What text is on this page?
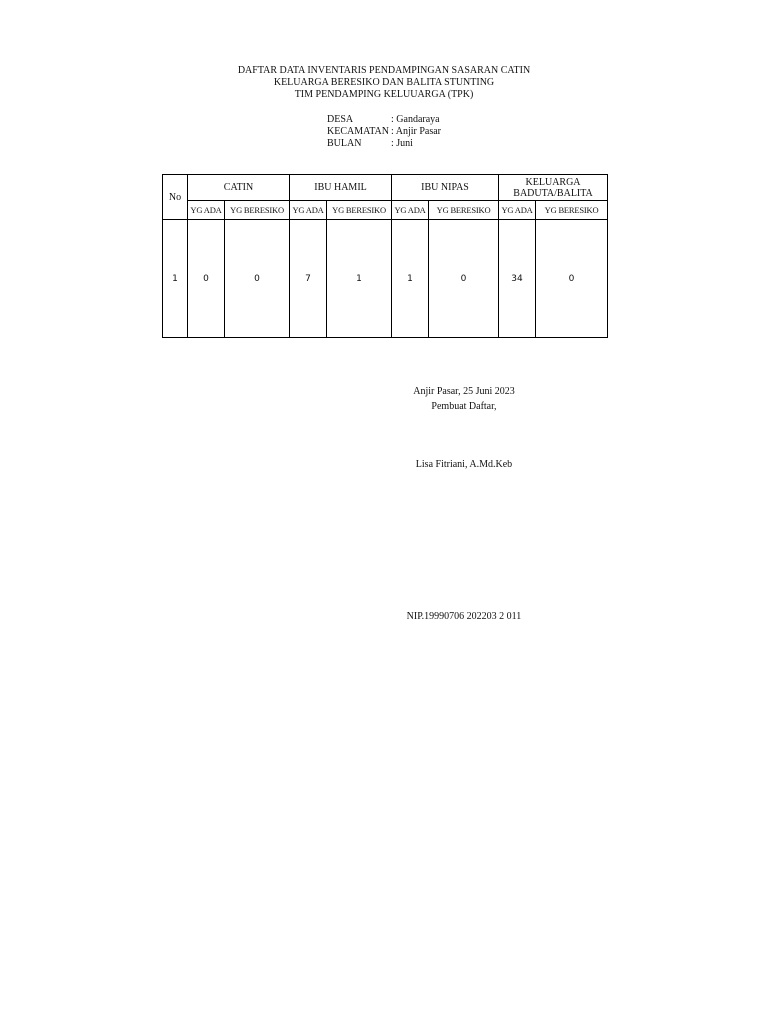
DAFTAR DATA INVENTARIS PENDAMPINGAN SASARAN CATIN
KELUARGA BERESIKO DAN BALITA STUNTING
TIM PENDAMPING KELUUARGA (TPK)
DESA	: Gandaraya
KECAMATAN : Anjir Pasar
BULAN	: Juni
No	CATIN		IBU HAMIL		IBU NIPAS		KELUARGA BADUTA/BALITA	
	YG ADA	YG BERESIKO	YG ADA	YG BERESIKO	YG ADA	YG BERESIKO	YG ADA	YG BERESIKO
1	0	0	7	1	1	0	34	0
Anjir Pasar, 25 Juni 2023
Pembuat Daftar,
Lisa Fitriani, A.Md.Keb
NIP.19990706 202203 2 011
